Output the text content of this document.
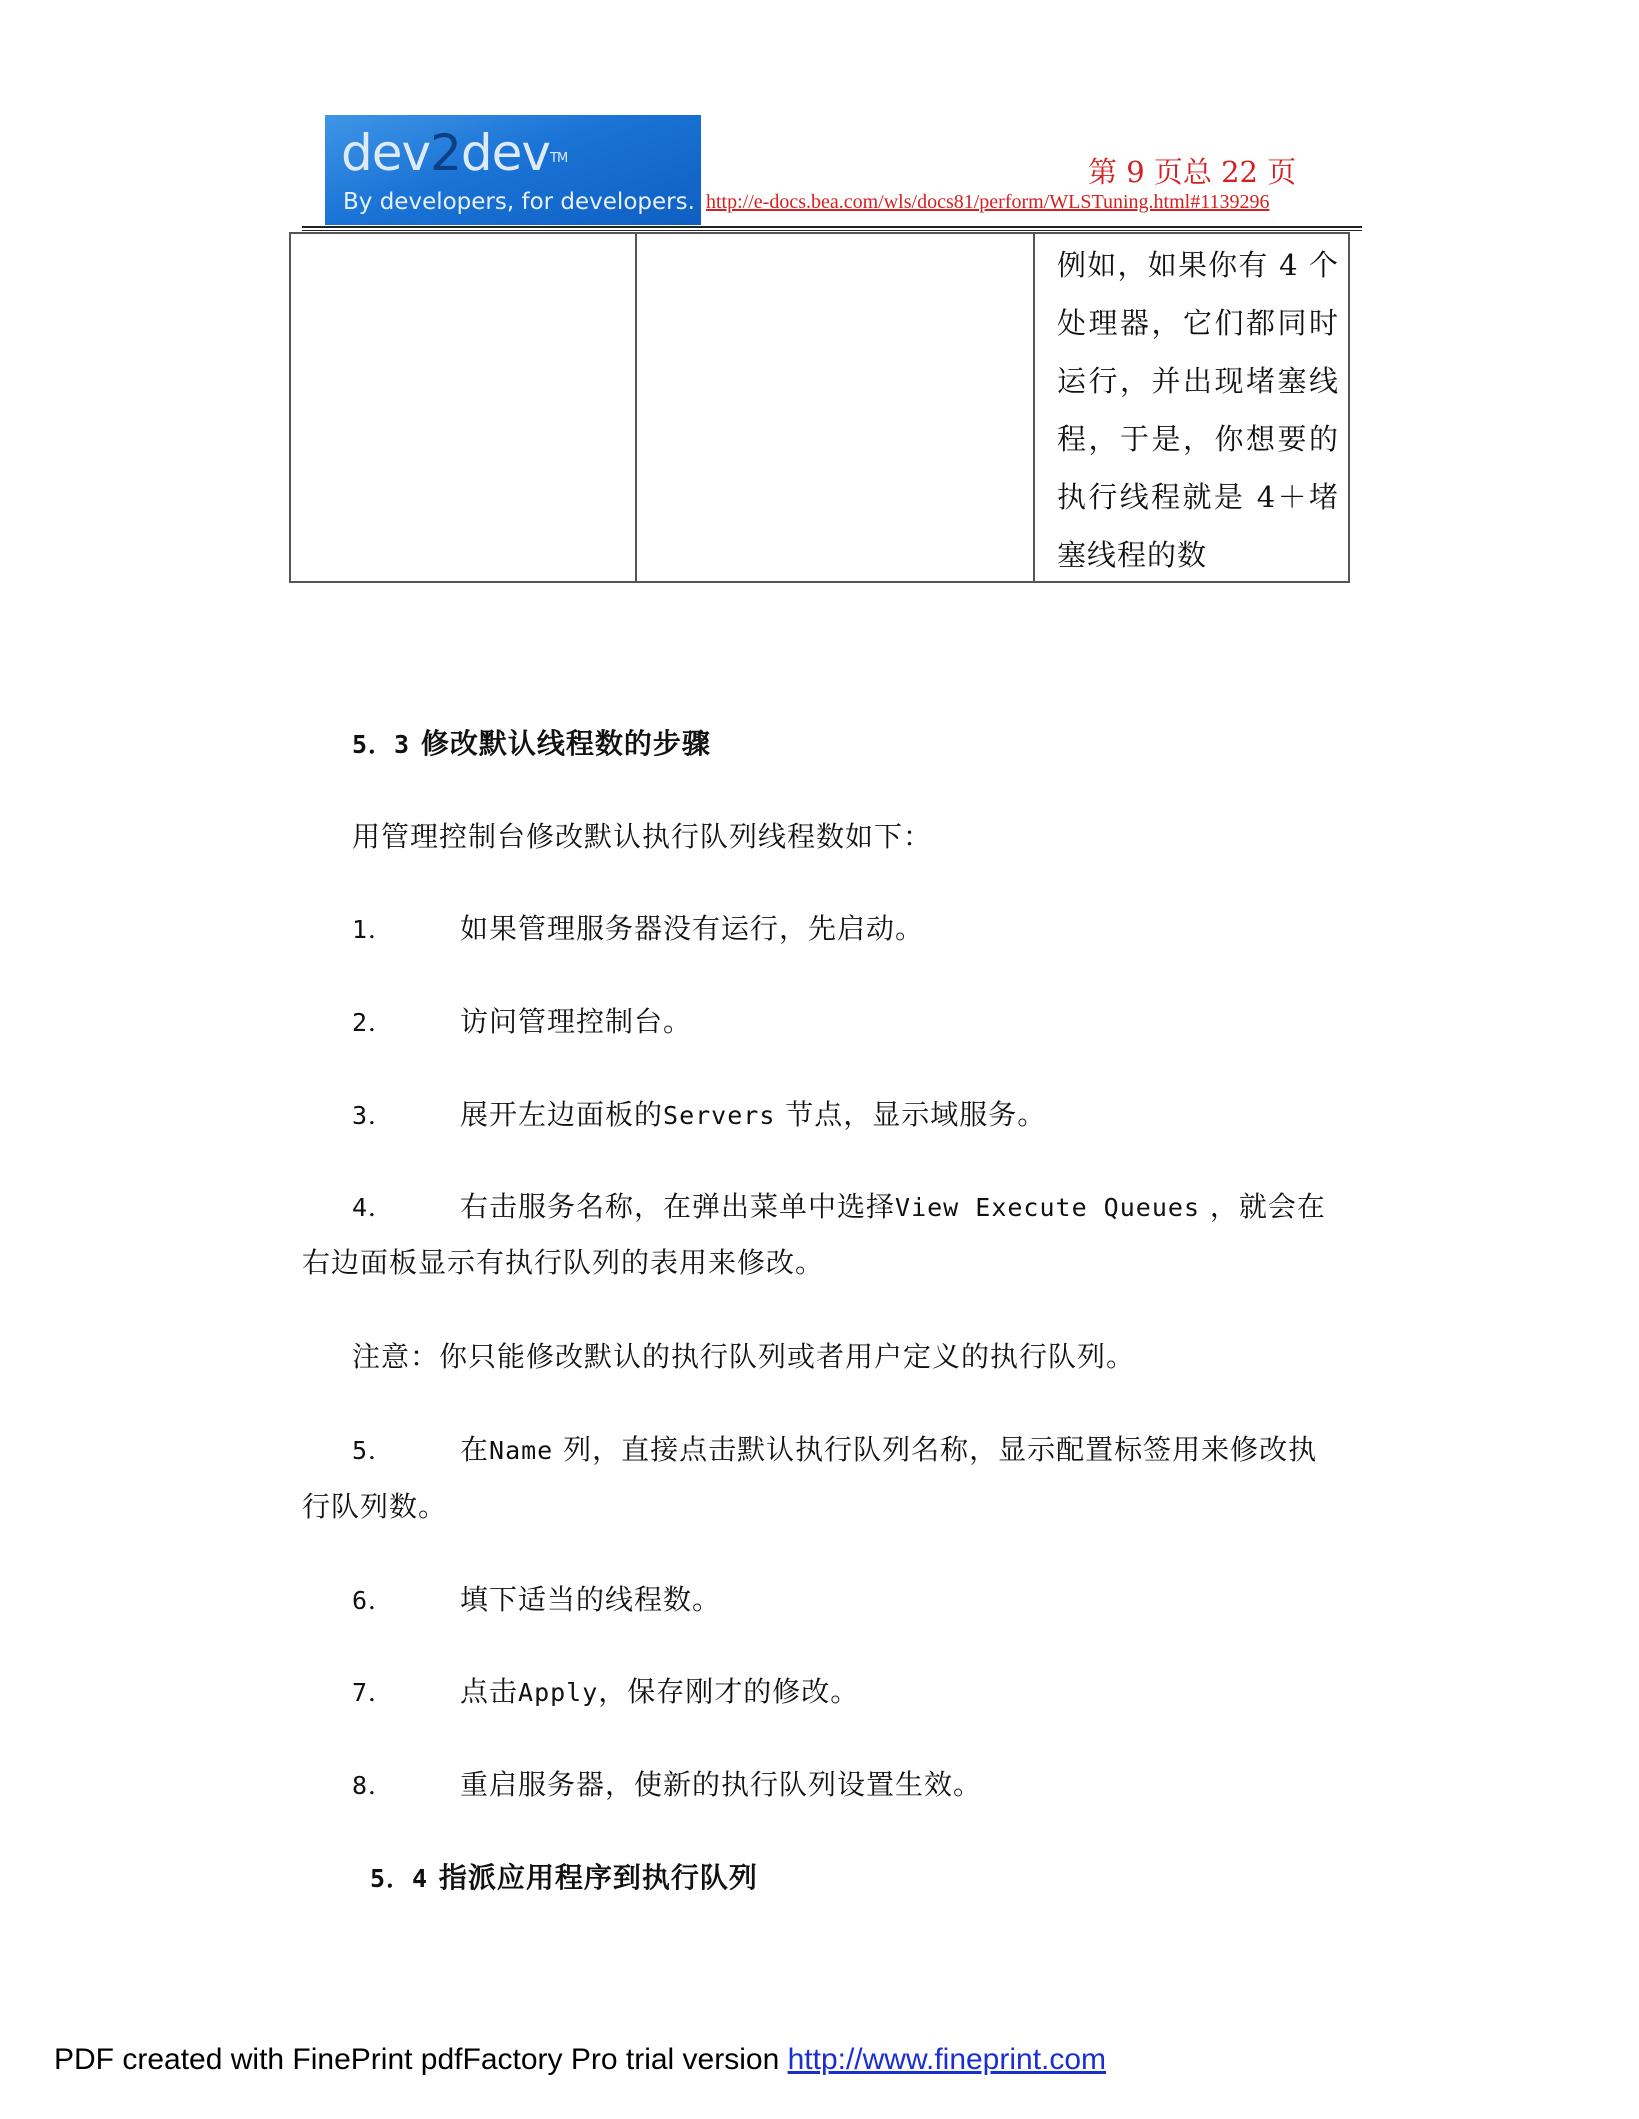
dev2dev™
By developers, for developers.
第 9 页总 22 页
http://e-docs.bea.com/wls/docs81/perform/WLSTuning.html#1139296
例如，如果你有 4 个处理器，它们都同时运行，并出现堵塞线程，于是，你想要的执行线程就是 4＋堵塞线程的数
5．3 修改默认线程数的步骤
用管理控制台修改默认执行队列线程数如下：
1． 如果管理服务器没有运行，先启动。
2． 访问管理控制台。
3． 展开左边面板的Servers 节点，显示域服务。
4． 右击服务名称，在弹出菜单中选择View Execute Queues ，就会在
右边面板显示有执行队列的表用来修改。
注意：你只能修改默认的执行队列或者用户定义的执行队列。
5． 在Name 列，直接点击默认执行队列名称，显示配置标签用来修改执
行队列数。
6． 填下适当的线程数。
7． 点击Apply，保存刚才的修改。
8． 重启服务器，使新的执行队列设置生效。
5．4 指派应用程序到执行队列
PDF created with FinePrint pdfFactory Pro trial version http://www.fineprint.com
